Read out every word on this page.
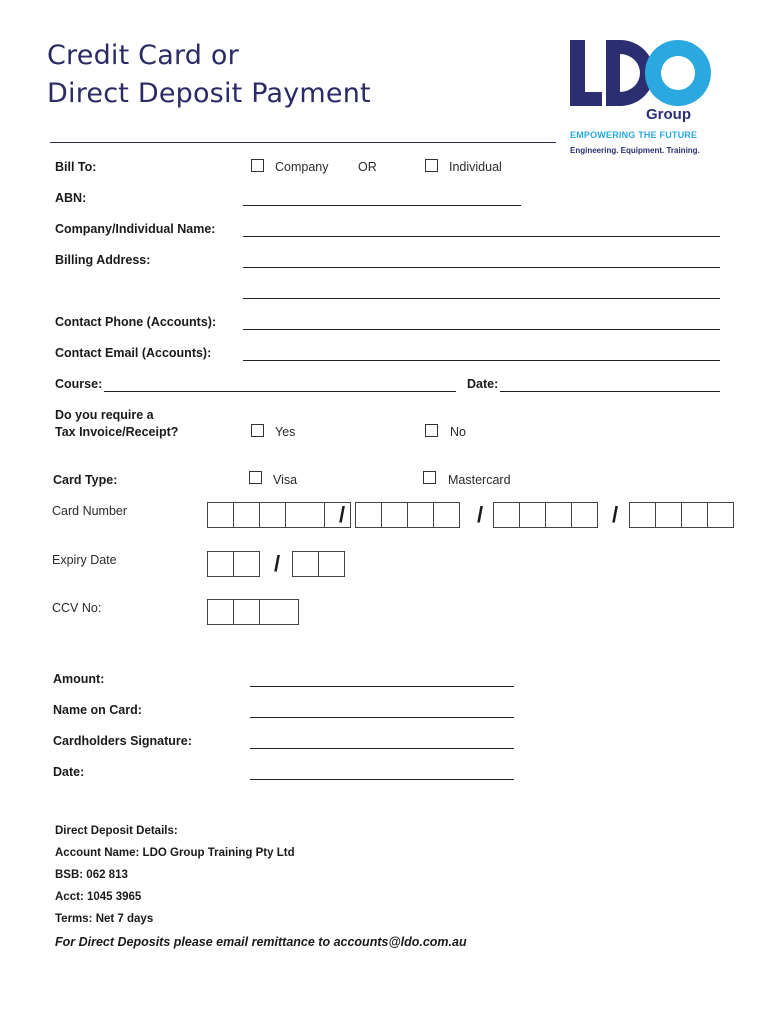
Credit Card or
Direct Deposit Payment
Group
EMPOWERING THE FUTURE
Engineering. Equipment. Training.
Bill To:	Company OR	Individual
ABN:
Company/Individual Name:
Billing Address:
Contact Phone (Accounts):
Contact Email (Accounts):
Course:	Date:
Do you require a
Tax Invoice/Receipt?	Yes	No
Card Type:	Visa	Mastercard
Card Number	/	/	/
Expiry Date	/
CCV No:
Amount:
Name on Card:
Cardholders Signature:
Date:
Direct Deposit Details:
Account Name: LDO Group Training Pty Ltd
BSB: 062 813
Acct: 1045 3965
Terms: Net 7 days
For Direct Deposits please email remittance to accounts@ldo.com.au
